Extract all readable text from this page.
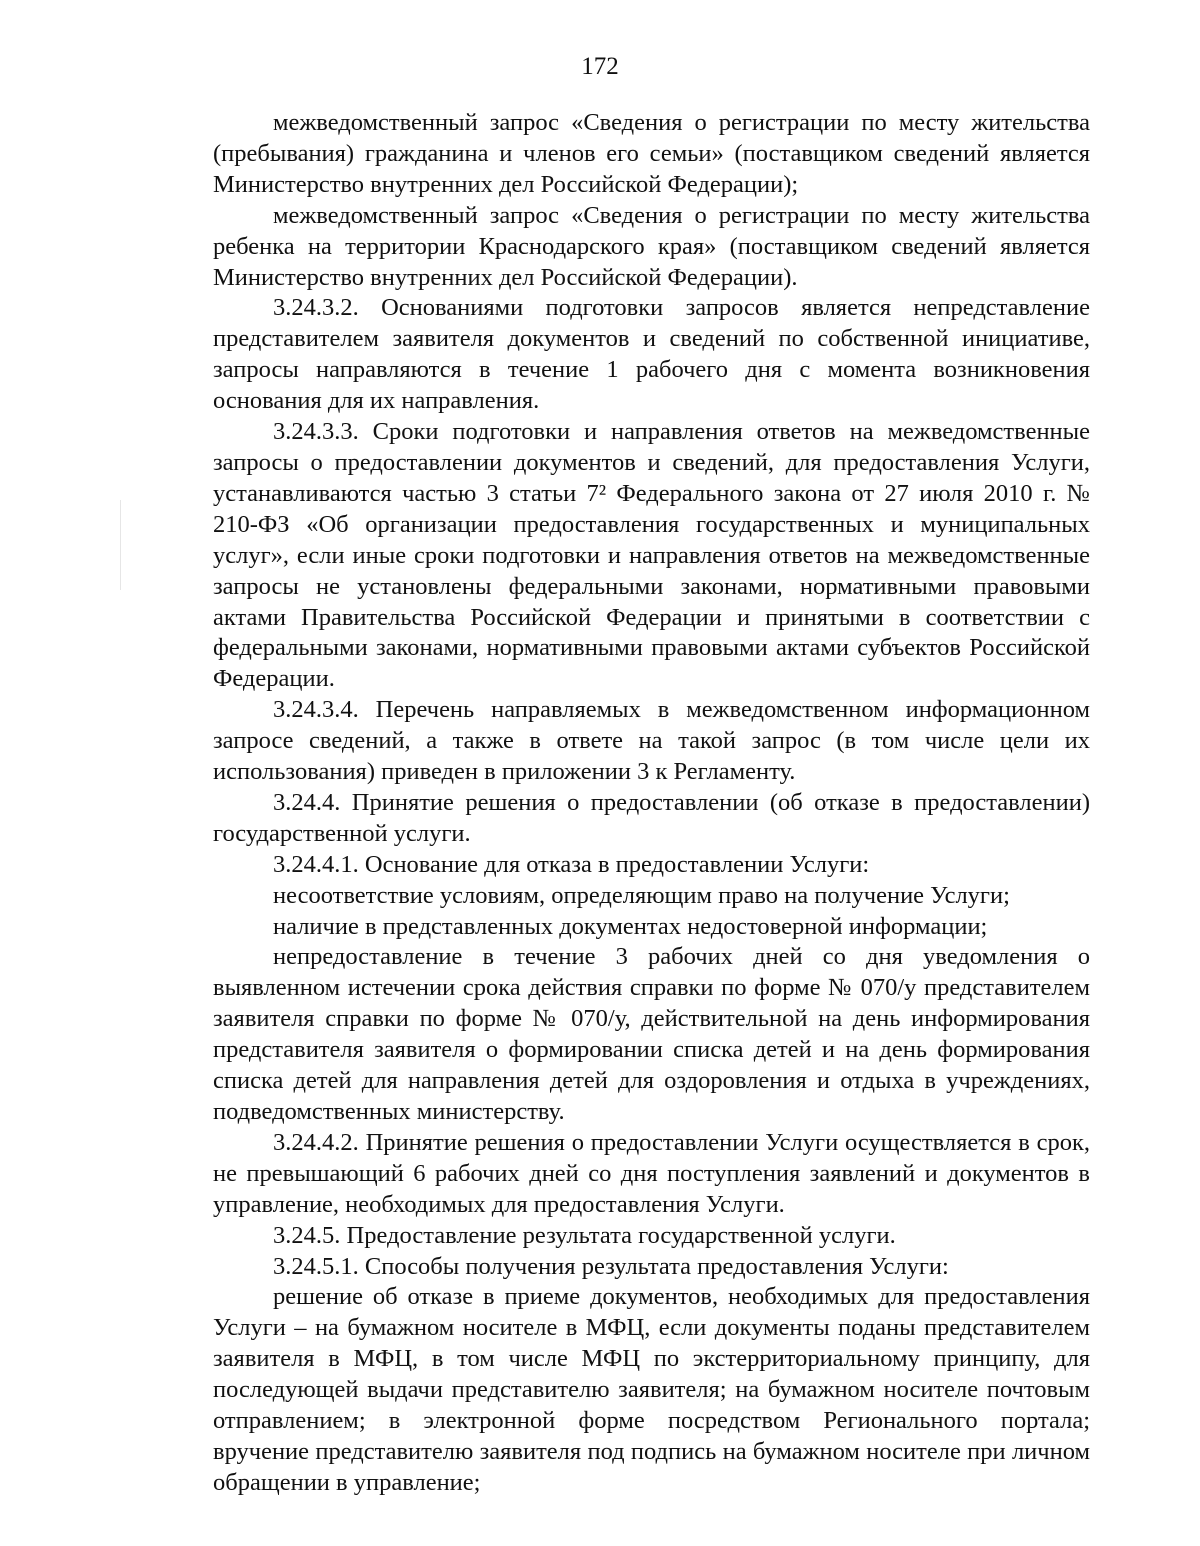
172

межведомственный запрос «Сведения о регистрации по месту жительства (пребывания) гражданина и членов его семьи» (поставщиком сведений является Министерство внутренних дел Российской Федерации);

межведомственный запрос «Сведения о регистрации по месту жительства ребенка на территории Краснодарского края» (поставщиком сведений является Министерство внутренних дел Российской Федерации).

3.24.3.2. Основаниями подготовки запросов является непредставление представителем заявителя документов и сведений по собственной инициативе, запросы направляются в течение 1 рабочего дня с момента возникновения основания для их направления.

3.24.3.3. Сроки подготовки и направления ответов на межведомственные запросы о предоставлении документов и сведений, для предоставления Услуги, устанавливаются частью 3 статьи 7² Федерального закона от 27 июля 2010 г. № 210-ФЗ «Об организации предоставления государственных и муниципальных услуг», если иные сроки подготовки и направления ответов на межведомственные запросы не установлены федеральными законами, нормативными правовыми актами Правительства Российской Федерации и принятыми в соответствии с федеральными законами, нормативными правовыми актами субъектов Российской Федерации.

3.24.3.4. Перечень направляемых в межведомственном информационном запросе сведений, а также в ответе на такой запрос (в том числе цели их использования) приведен в приложении 3 к Регламенту.

3.24.4. Принятие решения о предоставлении (об отказе в предоставлении) государственной услуги.

3.24.4.1. Основание для отказа в предоставлении Услуги:

несоответствие условиям, определяющим право на получение Услуги;

наличие в представленных документах недостоверной информации;

непредоставление в течение 3 рабочих дней со дня уведомления о выявленном истечении срока действия справки по форме № 070/у представителем заявителя справки по форме № 070/у, действительной на день информирования представителя заявителя о формировании списка детей и на день формирования списка детей для направления детей для оздоровления и отдыха в учреждениях, подведомственных министерству.

3.24.4.2. Принятие решения о предоставлении Услуги осуществляется в срок, не превышающий 6 рабочих дней со дня поступления заявлений и документов в управление, необходимых для предоставления Услуги.

3.24.5. Предоставление результата государственной услуги.

3.24.5.1. Способы получения результата предоставления Услуги:

решение об отказе в приеме документов, необходимых для предоставления Услуги – на бумажном носителе в МФЦ, если документы поданы представителем заявителя в МФЦ, в том числе МФЦ по экстерриториальному принципу, для последующей выдачи представителю заявителя; на бумажном носителе почтовым отправлением; в электронной форме посредством Регионального портала; вручение представителю заявителя под подпись на бумажном носителе при личном обращении в управление;
